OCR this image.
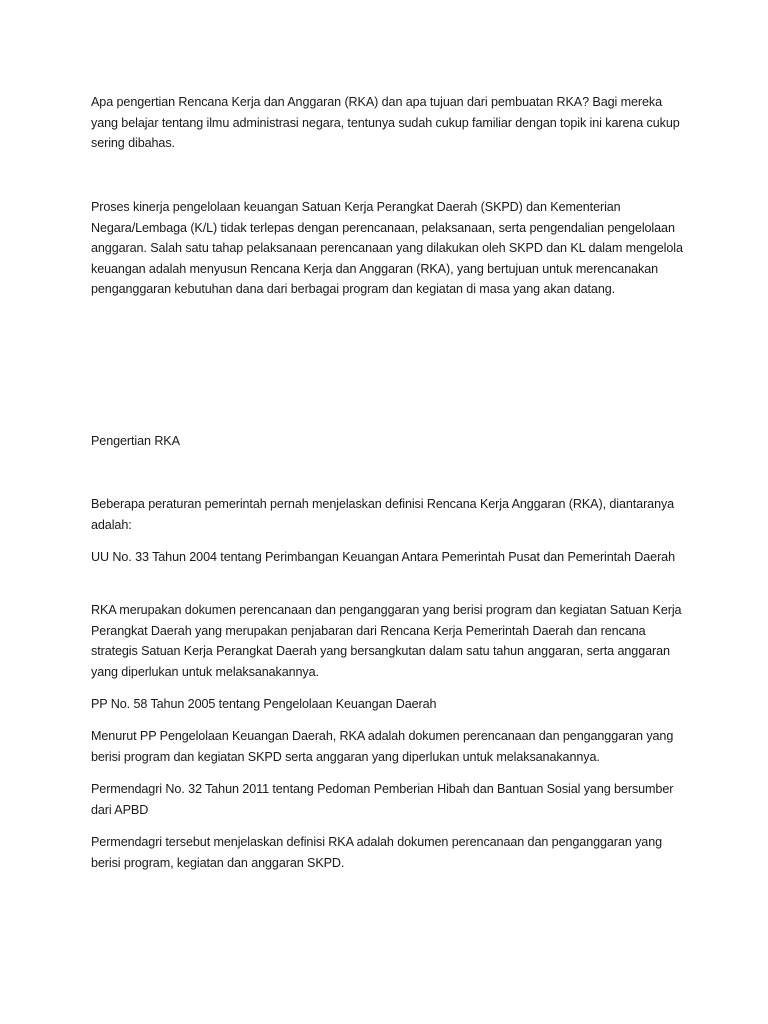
Apa pengertian Rencana Kerja dan Anggaran (RKA) dan apa tujuan dari pembuatan RKA? Bagi mereka yang belajar tentang ilmu administrasi negara, tentunya sudah cukup familiar dengan topik ini karena cukup sering dibahas.

Proses kinerja pengelolaan keuangan Satuan Kerja Perangkat Daerah (SKPD) dan Kementerian Negara/Lembaga (K/L) tidak terlepas dengan perencanaan, pelaksanaan, serta pengendalian pengelolaan anggaran. Salah satu tahap pelaksanaan perencanaan yang dilakukan oleh SKPD dan KL dalam mengelola keuangan adalah menyusun Rencana Kerja dan Anggaran (RKA), yang bertujuan untuk merencanakan penganggaran kebutuhan dana dari berbagai program dan kegiatan di masa yang akan datang.

Pengertian RKA

Beberapa peraturan pemerintah pernah menjelaskan definisi Rencana Kerja Anggaran (RKA), diantaranya adalah:

UU No. 33 Tahun 2004 tentang Perimbangan Keuangan Antara Pemerintah Pusat dan Pemerintah Daerah

RKA merupakan dokumen perencanaan dan penganggaran yang berisi program dan kegiatan Satuan Kerja Perangkat Daerah yang merupakan penjabaran dari Rencana Kerja Pemerintah Daerah dan rencana strategis Satuan Kerja Perangkat Daerah yang bersangkutan dalam satu tahun anggaran, serta anggaran yang diperlukan untuk melaksanakannya.

PP No. 58 Tahun 2005 tentang Pengelolaan Keuangan Daerah

Menurut PP Pengelolaan Keuangan Daerah, RKA adalah dokumen perencanaan dan penganggaran yang berisi program dan kegiatan SKPD serta anggaran yang diperlukan untuk melaksanakannya.

Permendagri No. 32 Tahun 2011 tentang Pedoman Pemberian Hibah dan Bantuan Sosial yang bersumber dari APBD

Permendagri tersebut menjelaskan definisi RKA adalah dokumen perencanaan dan penganggaran yang berisi program, kegiatan dan anggaran SKPD.
